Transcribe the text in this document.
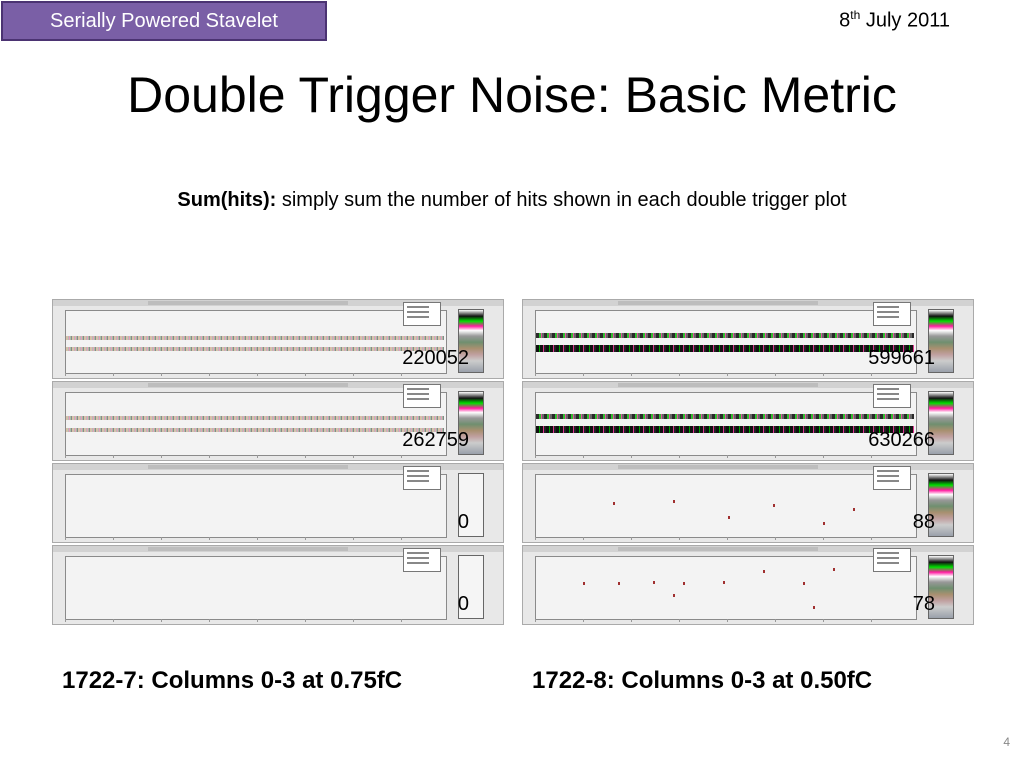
Serially Powered Stavelet	8th July 2011
Double Trigger Noise: Basic Metric
Sum(hits): simply sum the number of hits shown in each double trigger plot
220052
262759
0
0
599661
630266
88
78
1722-7: Columns 0-3 at 0.75fC	1722-8: Columns 0-3 at 0.50fC
4
